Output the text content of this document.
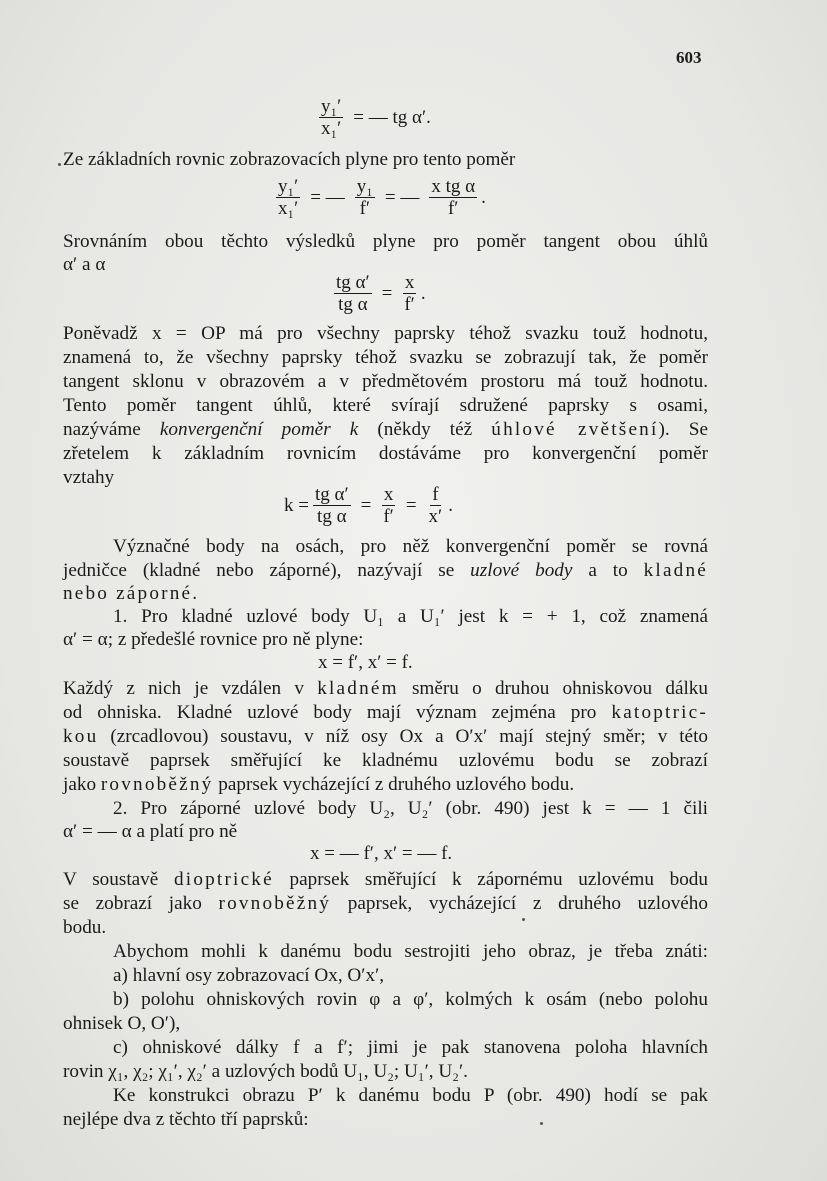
603
$\frac{\text{y₁′}}{\text{x₁′}}$ = — tg α′.
Ze základních rovnic zobrazovacích plyne pro tento poměr
$\frac{\text{y₁′}}{\text{x₁′}}$ = — $\frac{\text{y₁}}{f'}$ = — $\frac{\text{x tg α}}{f'}$ .
Srovnáním obou těchto výsledků plyne pro poměr tangent obou úhlů
α′ a α
$\frac{\text{tg α′}}{\text{tg α}} = \frac{x}{f'}$ .
Poněvadž x = OP má pro všechny paprsky téhož svazku touž hodnotu,
znamená to, že všechny paprsky téhož svazku se zobrazují tak, že poměr
tangent sklonu v obrazovém a v předmětovém prostoru má touž hodnotu.
Tento poměr tangent úhlů, které svírají sdružené paprsky s osami,
nazýváme konvergenční poměr k (někdy též úhlové zvětšení). Se
zřetelem k základním rovnicím dostáváme pro konvergenční poměr
vztahy
$k = \frac{\text{tg α′}}{\text{tg α}} = \frac{x}{f'} = \frac{f}{x'}$ .
Význačné body na osách, pro něž konvergenční poměr se rovná
jedničce (kladné nebo záporné), nazývají se uzlové body a to kladné
nebo záporné.
1. Pro kladné uzlové body U₁ a U₁′ jest k = + 1, což znamená
α′ = α; z předešlé rovnice pro ně plyne:
x = f′, x′ = f.
Každý z nich je vzdálen v kladném směru o druhou ohniskovou dálku
od ohniska. Kladné uzlové body mají význam zejména pro katoptric-
kou (zrcadlovou) soustavu, v níž osy Ox a O′x′ mají stejný směr; v této
soustavě paprsek směřující ke kladnému uzlovému bodu se zobrazí
jako rovnoběžný paprsek vycházející z druhého uzlového bodu.
2. Pro záporné uzlové body U₂, U₂′ (obr. 490) jest k = — 1 čili
α′ = — α a platí pro ně
x = — f′, x′ = — f.
V soustavě dioptrické paprsek směřující k zápornému uzlovému bodu
se zobrazí jako rovnoběžný paprsek, vycházející z druhého uzlového
bodu.
Abychom mohli k danému bodu sestrojiti jeho obraz, je třeba znáti:
a) hlavní osy zobrazovací Ox, O′x′,
b) polohu ohniskových rovin φ a φ′, kolmých k osám (nebo polohu
ohnisek O, O′),
c) ohniskové dálky f a f′; jimi je pak stanovena poloha hlavních
rovin χ₁, χ₂; χ₁′, χ₂′ a uzlových bodů U₁, U₂; U₁′, U₂′.
Ke konstrukci obrazu P′ k danému bodu P (obr. 490) hodí se pak
nejlépe dva z těchto tří paprsků:
